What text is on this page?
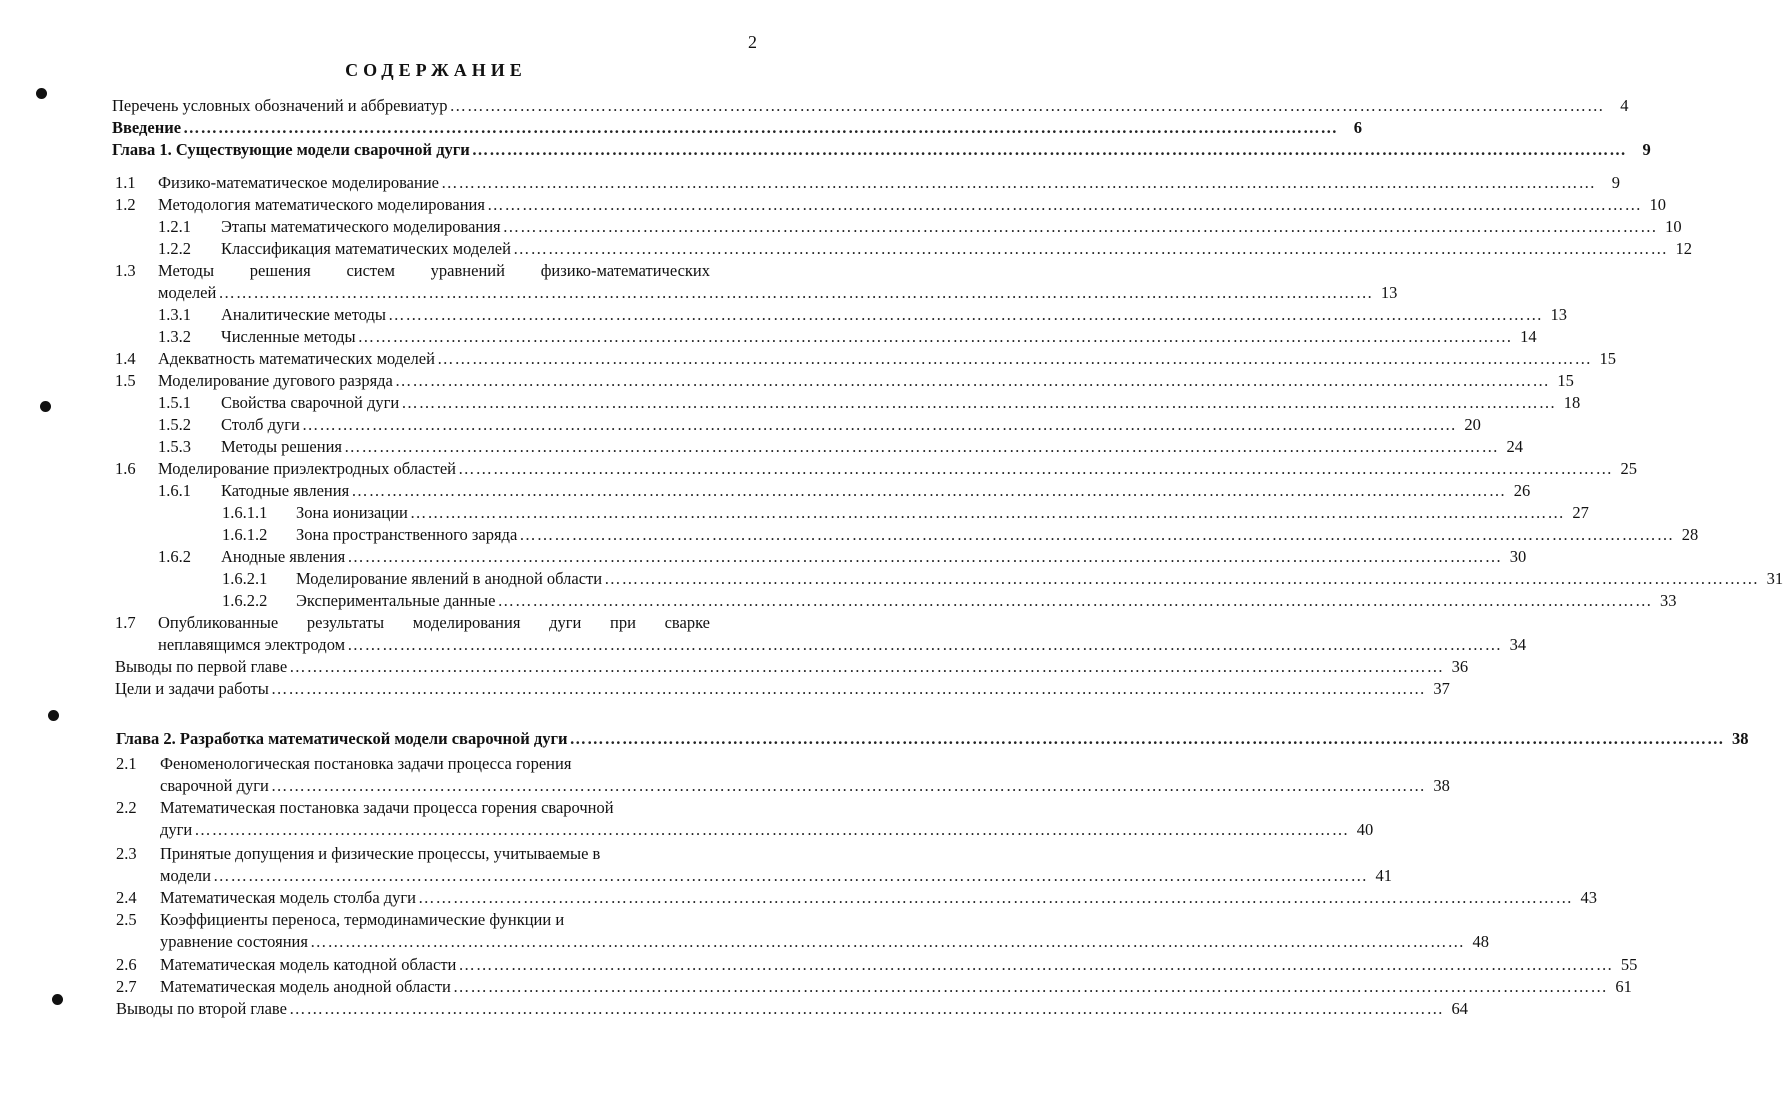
2
СОДЕРЖАНИЕ
Перечень условных обозначений и аббревиатур ……………………………………………………………………………………………………………………………………………………………………………… 4
Введение ……………………………………………………………………………………………………………………………………………………………………………… 6
Глава 1. Существующие модели сварочной дуги ……………………………………………………………………………………………………………………………………………………………………………… 9
1.1	Физико-математическое моделирование ……………………………………………………………………………………………………………………………………………………………………………… 9
1.2	Методология математического моделирования ……………………………………………………………………………………………………………………………………………………………………………… 10
1.2.1	Этапы математического моделирования ……………………………………………………………………………………………………………………………………………………………………………… 10
1.2.2	Классификация математических моделей ……………………………………………………………………………………………………………………………………………………………………………… 12
1.3	Методы решения систем уравнений физико-математических
моделей ……………………………………………………………………………………………………………………………………………………………………………… 13
1.3.1	Аналитические методы ……………………………………………………………………………………………………………………………………………………………………………… 13
1.3.2	Численные методы ……………………………………………………………………………………………………………………………………………………………………………… 14
1.4	Адекватность математических моделей ……………………………………………………………………………………………………………………………………………………………………………… 15
1.5	Моделирование дугового разряда ……………………………………………………………………………………………………………………………………………………………………………… 15
1.5.1	Свойства сварочной дуги ……………………………………………………………………………………………………………………………………………………………………………… 18
1.5.2	Столб дуги ……………………………………………………………………………………………………………………………………………………………………………… 20
1.5.3	Методы решения ……………………………………………………………………………………………………………………………………………………………………………… 24
1.6	Моделирование приэлектродных областей ……………………………………………………………………………………………………………………………………………………………………………… 25
1.6.1	Катодные явления ……………………………………………………………………………………………………………………………………………………………………………… 26
1.6.1.1	Зона ионизации ……………………………………………………………………………………………………………………………………………………………………………… 27
1.6.1.2	Зона пространственного заряда ……………………………………………………………………………………………………………………………………………………………………………… 28
1.6.2	Анодные явления ……………………………………………………………………………………………………………………………………………………………………………… 30
1.6.2.1	Моделирование явлений в анодной области ……………………………………………………………………………………………………………………………………………………………………………… 31
1.6.2.2	Экспериментальные данные ……………………………………………………………………………………………………………………………………………………………………………… 33
1.7	Опубликованные результаты моделирования дуги при сварке
неплавящимся электродом ……………………………………………………………………………………………………………………………………………………………………………… 34
Выводы по первой главе ……………………………………………………………………………………………………………………………………………………………………………… 36
Цели и задачи работы ……………………………………………………………………………………………………………………………………………………………………………… 37
Глава 2. Разработка математической модели сварочной дуги ……………………………………………………………………………………………………………………………………………………………………………… 38
2.1	Феноменологическая постановка задачи процесса горения
сварочной дуги ……………………………………………………………………………………………………………………………………………………………………………… 38
2.2	Математическая постановка задачи процесса горения сварочной
дуги ……………………………………………………………………………………………………………………………………………………………………………… 40
2.3	Принятые допущения и физические процессы, учитываемые в
модели ……………………………………………………………………………………………………………………………………………………………………………… 41
2.4	Математическая модель столба дуги ……………………………………………………………………………………………………………………………………………………………………………… 43
2.5	Коэффициенты переноса, термодинамические функции и
уравнение состояния ……………………………………………………………………………………………………………………………………………………………………………… 48
2.6	Математическая модель катодной области ……………………………………………………………………………………………………………………………………………………………………………… 55
2.7	Математическая модель анодной области ……………………………………………………………………………………………………………………………………………………………………………… 61
Выводы по второй главе ……………………………………………………………………………………………………………………………………………………………………………… 64
